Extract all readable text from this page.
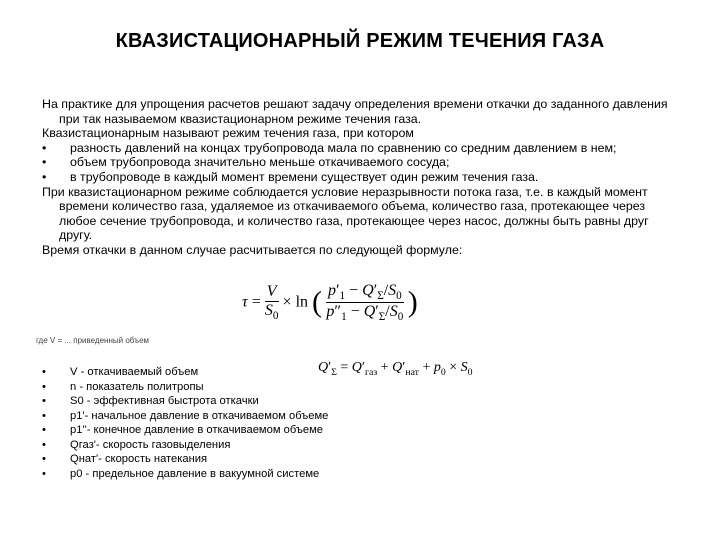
КВАЗИСТАЦИОНАРНЫЙ РЕЖИМ ТЕЧЕНИЯ ГАЗА

На практике для упрощения расчетов решают задачу определения времени откачки до заданного давления при так называемом квазистационарном режиме течения газа.

Квазистационарным называют режим течения газа, при котором

• разность давлений на концах трубопровода мала по сравнению со средним давлением в нем;

• объем трубопровода значительно меньше откачиваемого сосуда;

• в трубопроводе в каждый момент времени существует один режим течения газа.

При квазистационарном режиме соблюдается условие неразрывности потока газа, т.е. в каждый момент времени количество газа, удаляемое из откачиваемого объема, количество газа, протекающее через любое сечение трубопровода, и количество газа, протекающее через насос, должны быть равны друг другу.

Время откачки в данном случае расчитывается по следующей формуле:

$\tau = \frac{V}{S_0} \times \ln$ ( $\frac{p'_1 - Q'_\Sigma/S_0}{p''_1 - Q'_\Sigma/S_0}$ )
где V = ... приведенный объем
$Q'_\Sigma = Q'_{газ} + Q'_{нат} + p_0 \times S_0$
• V - откачиваемый объем
• n - показатель политропы
• S0 - эффективная быстрота откачки
• p1'- начальное давление в откачиваемом объеме
• p1''- конечное давление в откачиваемом объеме
• Qгаз'- скорость газовыделения
• Qнат'- скорость натекания
• p0 - предельное давление в вакуумной системе
